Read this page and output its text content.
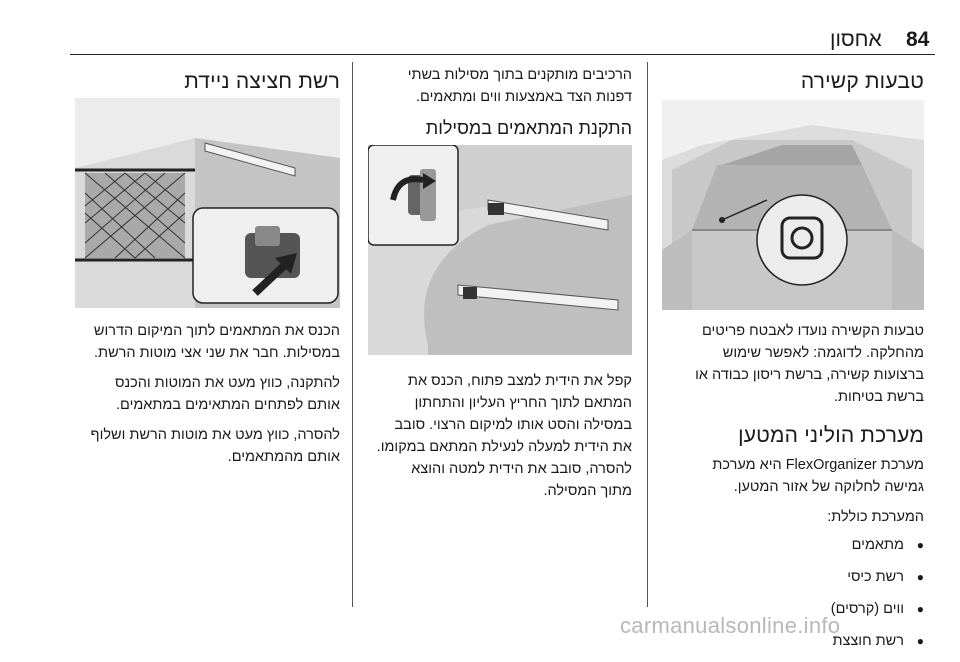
84
אחסון
טבעות קשירה

טבעות הקשירה נועדו לאבטח פריטים

מהחלקה. לדוגמה: לאפשר שימוש

ברצועות קשירה, ברשת ריסון כבודה או

ברשת בטיחות.

מערכת הוליני המטען

מערכת FlexOrganizer היא מערכת

גמישה לחלוקה של אזור המטען.

המערכת כוללת:

● מתאמים
● רשת כיסי
● ווים (קרסים)
● רשת חוצצת

הרכיבים מותקנים בתוך מסילות בשתי

דפנות הצד באמצעות ווים ומתאמים.

התקנת המתאמים במסילות

קפל את הידית למצב פתוח, הכנס את

המתאם לתוך החריץ העליון והתחתון

במסילה והסט אותו למיקום הרצוי. סובב

את הידית למעלה לנעילת המתאם במקומו.

להסרה, סובב את הידית למטה והוצא

מתוך המסילה.

רשת חציצה ניידת

הכנס את המתאמים לתוך המיקום הדרוש

במסילות. חבר את שני אצי מוטות הרשת.

להתקנה, כווץ מעט את המוטות והכנס

אותם לפתחים המתאימים במתאמים.

להסרה, כווץ מעט את מוטות הרשת ושלוף

אותם מהמתאמים.

carmanualsonline.info
